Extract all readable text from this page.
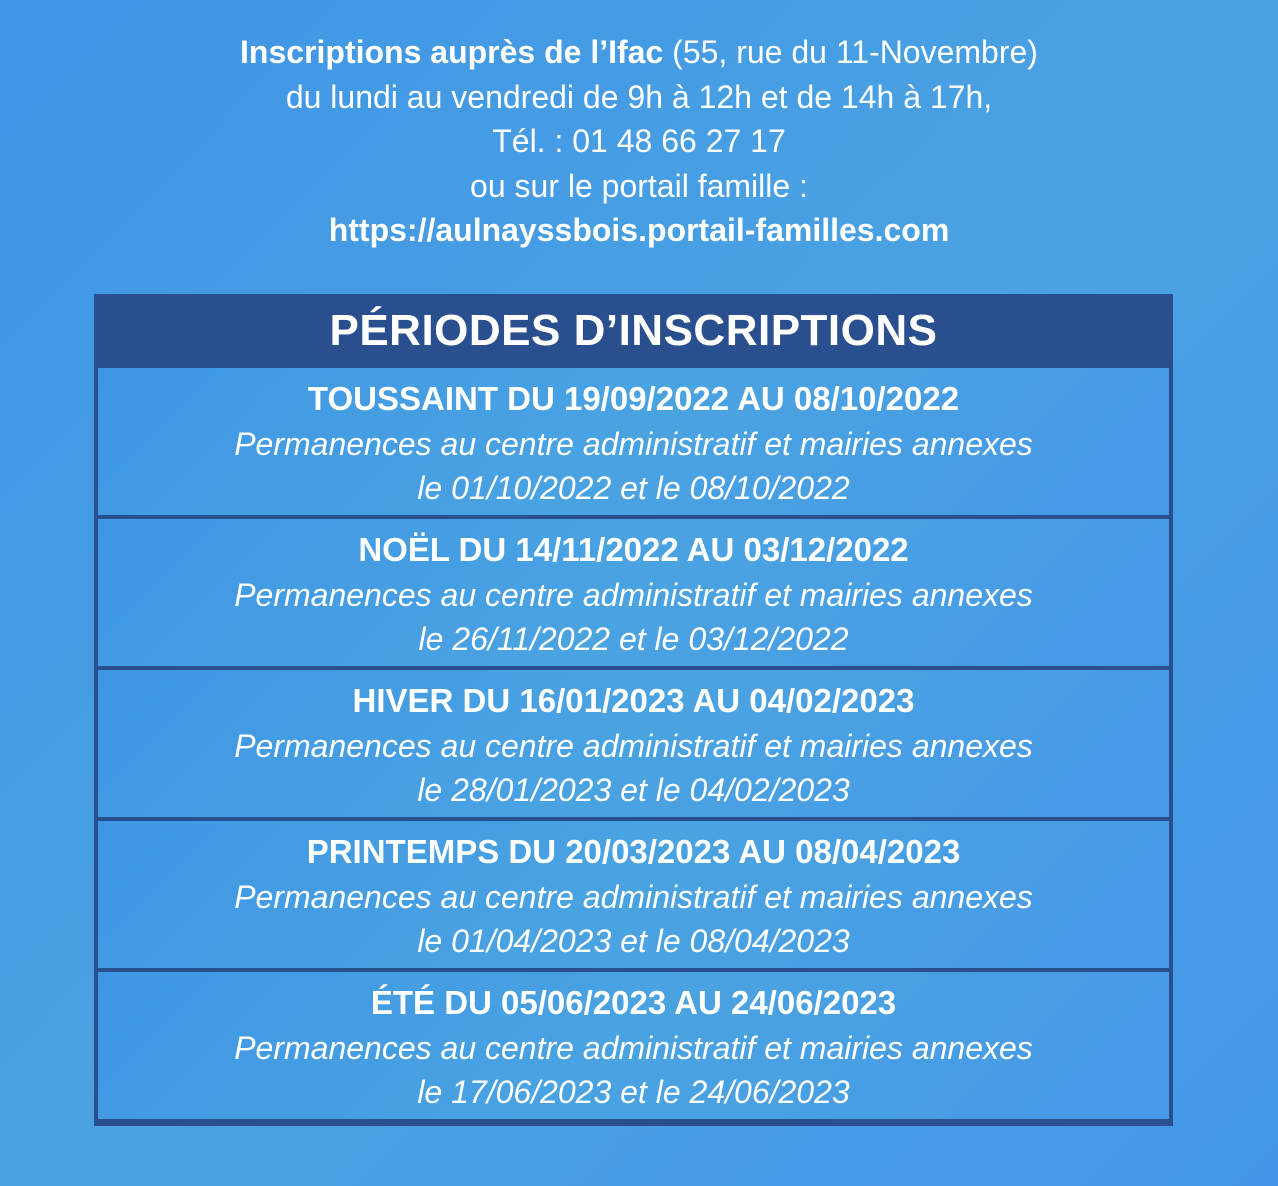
Inscriptions auprès de l’Ifac (55, rue du 11-Novembre)
du lundi au vendredi de 9h à 12h et de 14h à 17h,
Tél. : 01 48 66 27 17
ou sur le portail famille :
https://aulnayssbois.portail-familles.com
PÉRIODES D’INSCRIPTIONS
TOUSSAINT DU 19/09/2022 AU 08/10/2022
Permanences au centre administratif et mairies annexes
le 01/10/2022 et le 08/10/2022
NOËL DU 14/11/2022 AU 03/12/2022
Permanences au centre administratif et mairies annexes
le 26/11/2022 et le 03/12/2022
HIVER DU 16/01/2023 AU 04/02/2023
Permanences au centre administratif et mairies annexes
le 28/01/2023 et le 04/02/2023
PRINTEMPS DU 20/03/2023 AU 08/04/2023
Permanences au centre administratif et mairies annexes
le 01/04/2023 et le 08/04/2023
ÉTÉ DU 05/06/2023 AU 24/06/2023
Permanences au centre administratif et mairies annexes
le 17/06/2023 et le 24/06/2023
